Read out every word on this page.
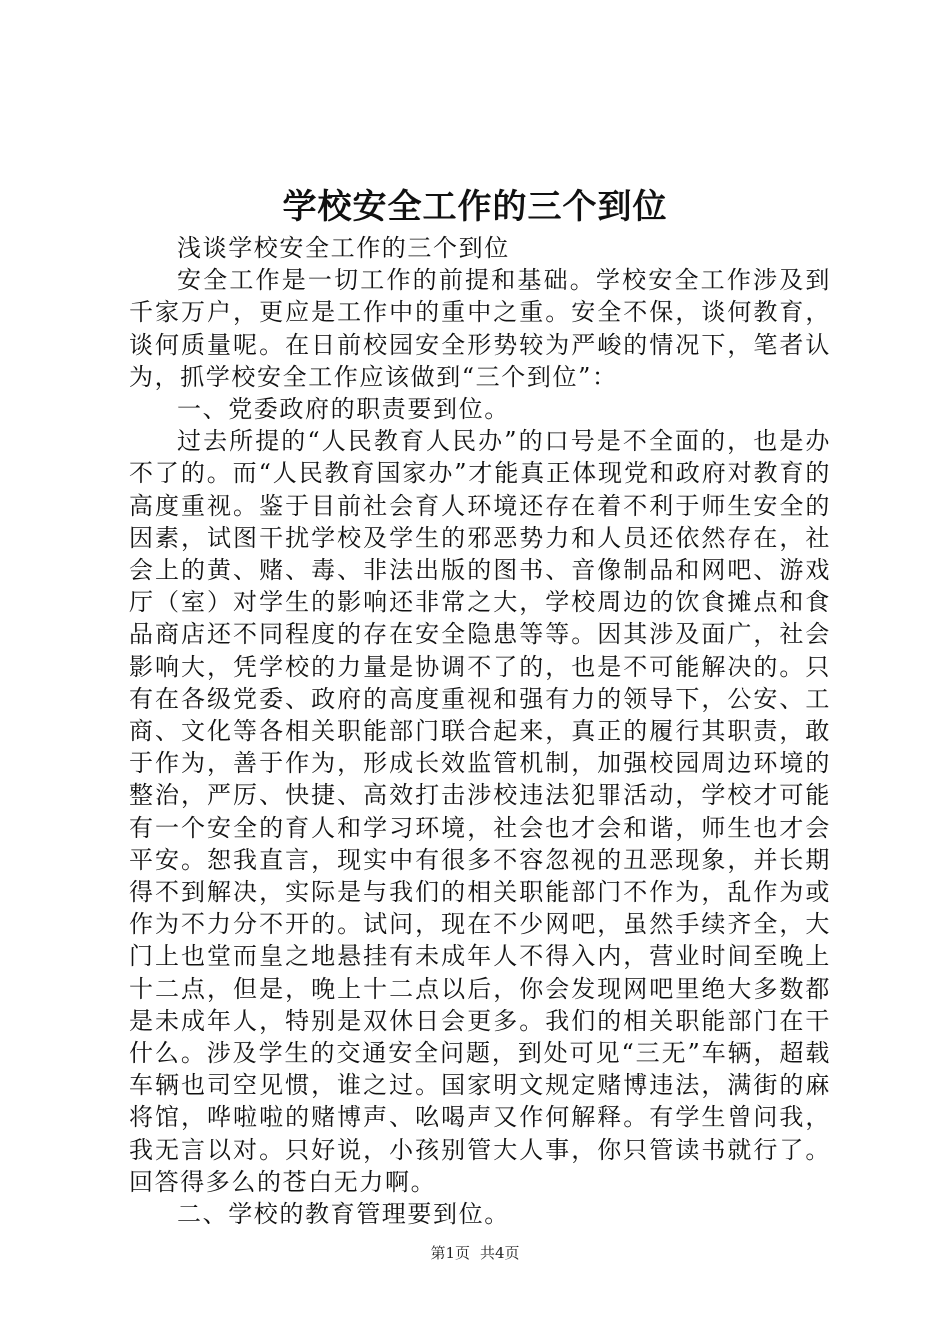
学校安全工作的三个到位

浅谈学校安全工作的三个到位

安全工作是一切工作的前提和基础。学校安全工作涉及到千家万户，更应是工作中的重中之重。安全不保，谈何教育，谈何质量呢。在日前校园安全形势较为严峻的情况下，笔者认为，抓学校安全工作应该做到“三个到位”：

一、党委政府的职责要到位。

过去所提的“人民教育人民办”的口号是不全面的，也是办不了的。而“人民教育国家办”才能真正体现党和政府对教育的高度重视。鉴于目前社会育人环境还存在着不利于师生安全的因素，试图干扰学校及学生的邪恶势力和人员还依然存在，社会上的黄、赌、毒、非法出版的图书、音像制品和网吧、游戏厅（室）对学生的影响还非常之大，学校周边的饮食摊点和食品商店还不同程度的存在安全隐患等等。因其涉及面广，社会影响大，凭学校的力量是协调不了的，也是不可能解决的。只有在各级党委、政府的高度重视和强有力的领导下，公安、工商、文化等各相关职能部门联合起来，真正的履行其职责，敢于作为，善于作为，形成长效监管机制，加强校园周边环境的整治，严厉、快捷、高效打击涉校违法犯罪活动，学校才可能有一个安全的育人和学习环境，社会也才会和谐，师生也才会平安。恕我直言，现实中有很多不容忽视的丑恶现象，并长期得不到解决，实际是与我们的相关职能部门不作为，乱作为或作为不力分不开的。试问，现在不少网吧，虽然手续齐全，大门上也堂而皇之地悬挂有未成年人不得入内，营业时间至晚上十二点，但是，晚上十二点以后，你会发现网吧里绝大多数都是未成年人，特别是双休日会更多。我们的相关职能部门在干什么。涉及学生的交通安全问题，到处可见“三无”车辆，超载车辆也司空见惯，谁之过。国家明文规定赌博违法，满街的麻将馆，哗啦啦的赌博声、吆喝声又作何解释。有学生曾问我，我无言以对。只好说，小孩别管大人事，你只管读书就行了。回答得多么的苍白无力啊。

二、学校的教育管理要到位。

第1页 共4页
